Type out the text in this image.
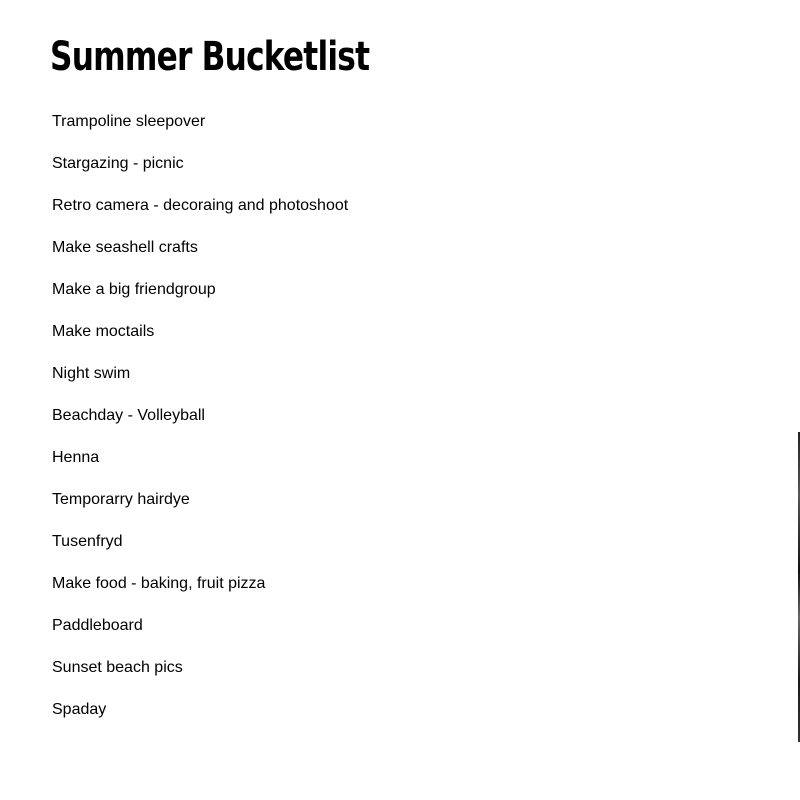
Summer Bucketlist
Trampoline sleepover
Stargazing - picnic
Retro camera - decoraing and photoshoot
Make seashell crafts
Make a big friendgroup
Make moctails
Night swim
Beachday - Volleyball
Henna
Temporarry hairdye
Tusenfryd
Make food - baking, fruit pizza
Paddleboard
Sunset beach pics
Spaday
